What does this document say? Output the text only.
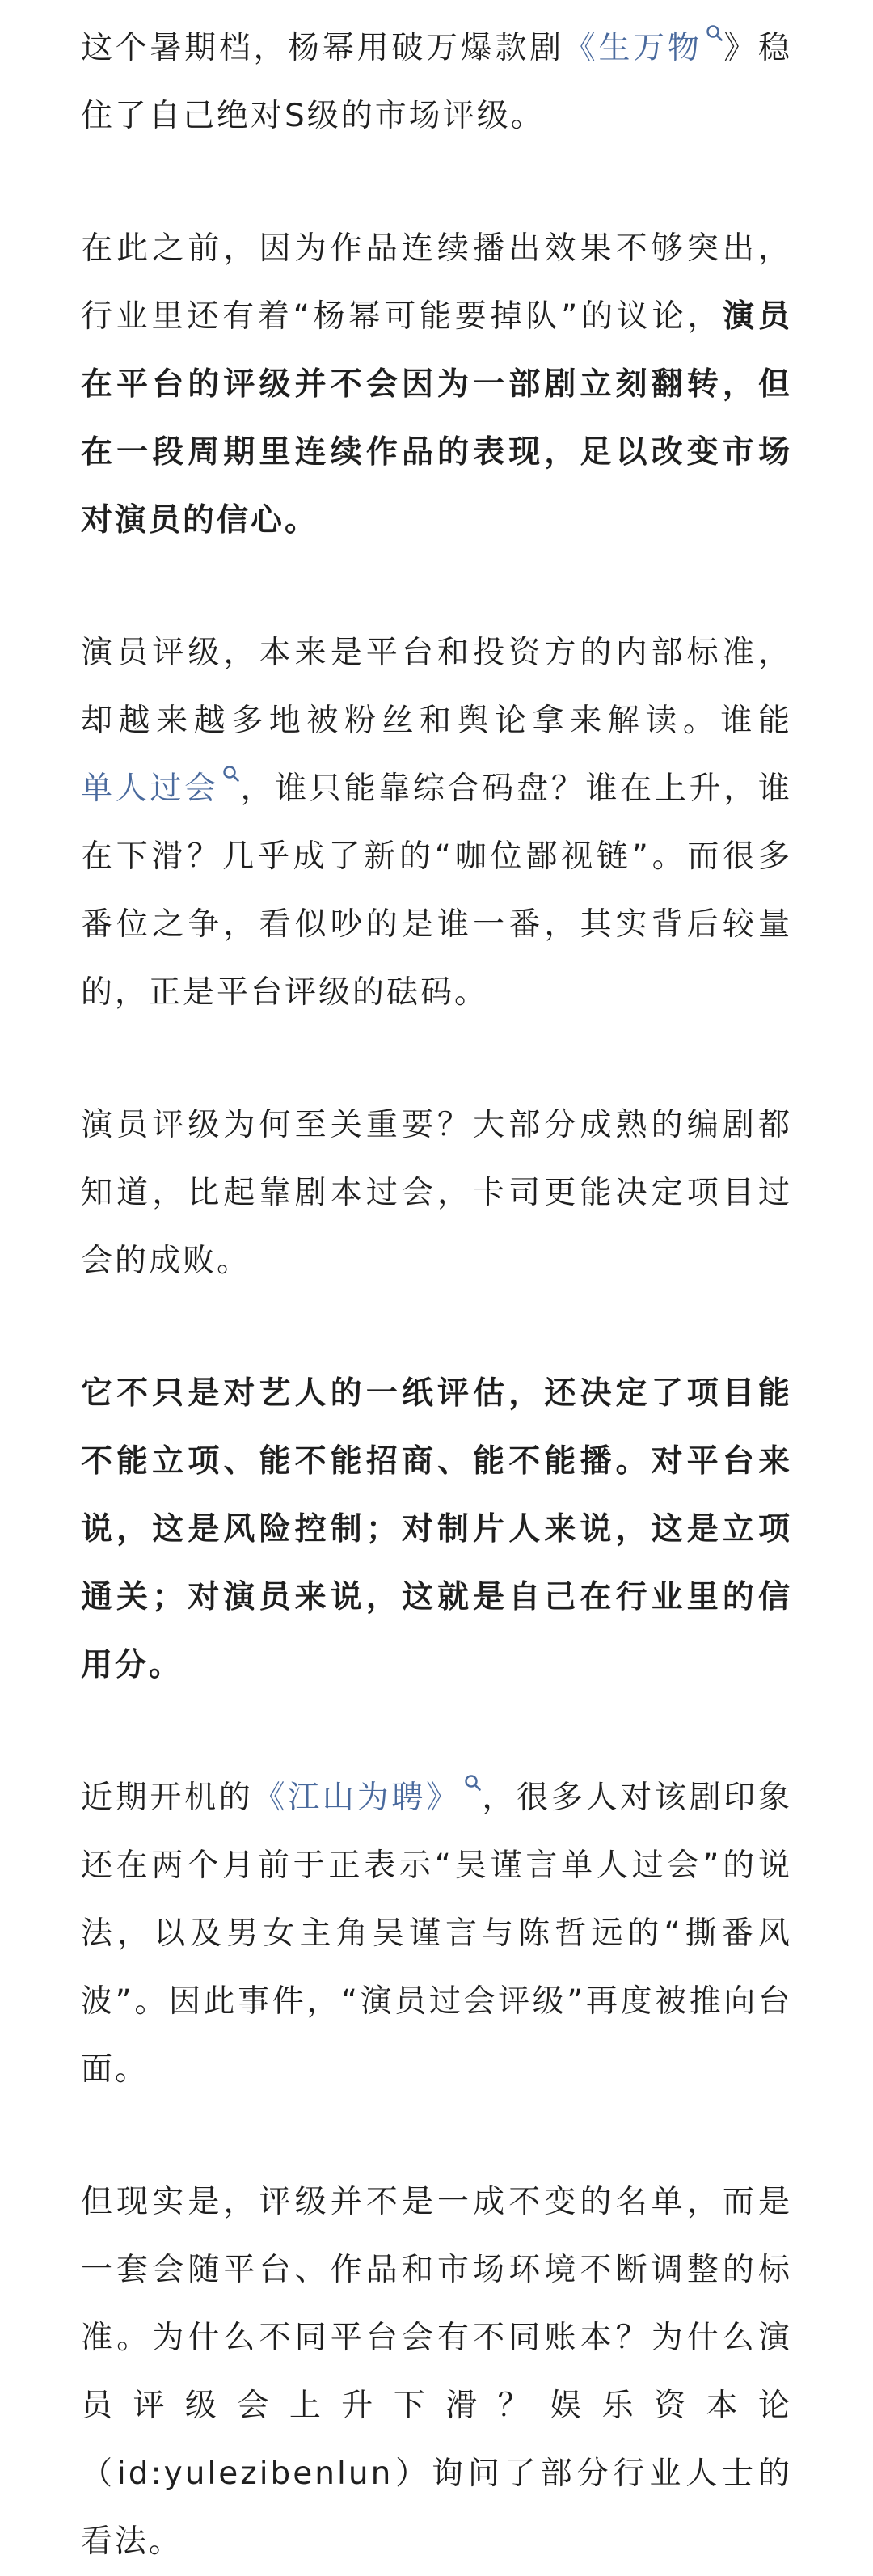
这个暑期档，杨幂用破万爆款剧《生万物 》稳住了自己绝对S级的市场评级。

在此之前，因为作品连续播出效果不够突出，行业里还有着“杨幂可能要掉队”的议论，演员在平台的评级并不会因为一部剧立刻翻转，但在一段周期里连续作品的表现，足以改变市场对演员的信心。

演员评级，本来是平台和投资方的内部标准，却越来越多地被粉丝和舆论拿来解读。谁能单人过会 ，谁只能靠综合码盘？谁在上升，谁在下滑？几乎成了新的“咖位鄙视链”。而很多番位之争，看似吵的是谁一番，其实背后较量的，正是平台评级的砝码。

演员评级为何至关重要？大部分成熟的编剧都知道，比起靠剧本过会，卡司更能决定项目过会的成败。

它不只是对艺人的一纸评估，还决定了项目能不能立项、能不能招商、能不能播。对平台来说，这是风险控制；对制片人来说，这是立项通关；对演员来说，这就是自己在行业里的信用分。

近期开机的《江山为聘》 ，很多人对该剧印象还在两个月前于正表示“吴谨言单人过会”的说法，以及男女主角吴谨言与陈哲远的“撕番风波”。因此事件，“演员过会评级”再度被推向台面。

但现实是，评级并不是一成不变的名单，而是一套会随平台、作品和市场环境不断调整的标准。为什么不同平台会有不同账本？为什么演员评级会上升下滑？娱乐资本论（id:yulezibenlun）询问了部分行业人士的看法。
